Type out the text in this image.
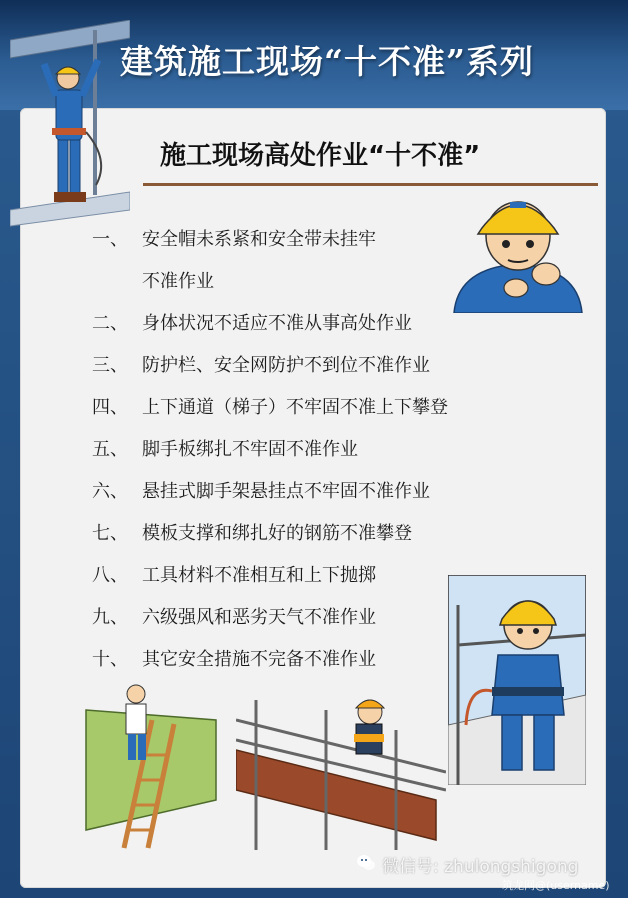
建筑施工现场“十不准”系列
施工现场高处作业“十不准”
一、 安全帽未系紧和安全带未挂牢
不准作业
二、 身体状况不适应不准从事高处作业
三、 防护栏、安全网防护不到位不准作业
四、 上下通道（梯子）不牢固不准上下攀登
五、 脚手板绑扎不牢固不准作业
六、 悬挂式脚手架悬挂点不牢固不准作业
七、 模板支撑和绑扎好的钢筋不准攀登
八、 工具材料不准相互和上下抛掷
九、 六级强风和恶劣天气不准作业
十、 其它安全措施不完备不准作业
微信号: zhulongshigong
筑龙网@(username)
